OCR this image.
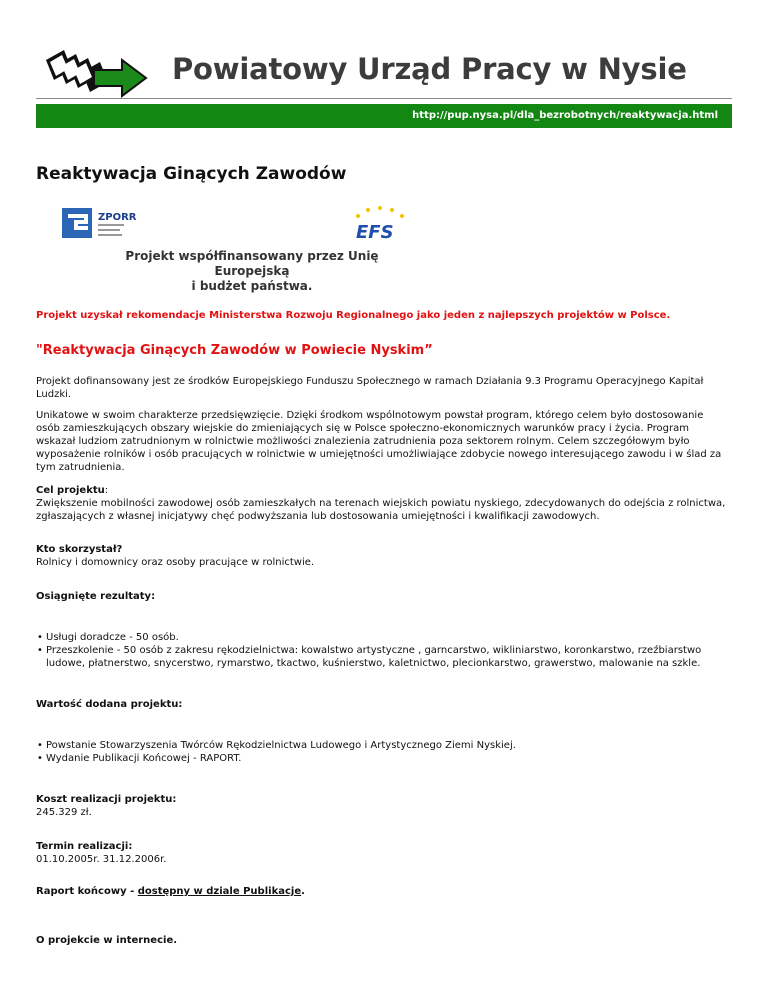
Powiatowy Urząd Pracy w Nysie
http://pup.nysa.pl/dla_bezrobotnych/reaktywacja.html
Reaktywacja Ginących Zawodów
ZPORR
EFS
Projekt współfinansowany przez Unię Europejską
i budżet państwa.
Projekt uzyskał rekomendacje Ministerstwa Rozwoju Regionalnego jako jeden z najlepszych projektów w Polsce.
"Reaktywacja Ginących Zawodów w Powiecie Nyskim”

Projekt dofinansowany jest ze środków Europejskiego Funduszu Społecznego w ramach Działania 9.3 Programu Operacyjnego Kapitał Ludzki.

Unikatowe w swoim charakterze przedsięwzięcie. Dzięki środkom wspólnotowym powstał program, którego celem było dostosowanie osób zamieszkujących obszary wiejskie do zmieniających się w Polsce społeczno-ekonomicznych warunków pracy i życia. Program wskazał ludziom zatrudnionym w rolnictwie możliwości znalezienia zatrudnienia poza sektorem rolnym. Celem szczegółowym było wyposażenie rolników i osób pracujących w rolnictwie w umiejętności umożliwiające zdobycie nowego interesującego zawodu i w ślad za tym zatrudnienia.

Cel projektu:
Zwiększenie mobilności zawodowej osób zamieszkałych na terenach wiejskich powiatu nyskiego, zdecydowanych do odejścia z rolnictwa, zgłaszających z własnej inicjatywy chęć podwyższania lub dostosowania umiejętności i kwalifikacji zawodowych.
Kto skorzystał?
Rolnicy i domownicy oraz osoby pracujące w rolnictwie.
Osiągnięte rezultaty:
• Usługi doradcze - 50 osób.
• Przeszkolenie - 50 osób z zakresu rękodzielnictwa: kowalstwo artystyczne , garncarstwo, wikliniarstwo, koronkarstwo, rzeźbiarstwo ludowe, płatnerstwo, snycerstwo, rymarstwo, tkactwo, kuśnierstwo, kaletnictwo, plecionkarstwo, grawerstwo, malowanie na szkle.
Wartość dodana projektu:
• Powstanie Stowarzyszenia Twórców Rękodzielnictwa Ludowego i Artystycznego Ziemi Nyskiej.
• Wydanie Publikacji Końcowej - RAPORT.
Koszt realizacji projektu:
245.329 zł.
Termin realizacji:
01.10.2005r. 31.12.2006r.
Raport końcowy - dostępny w dziale Publikacje.
O projekcie w internecie.
